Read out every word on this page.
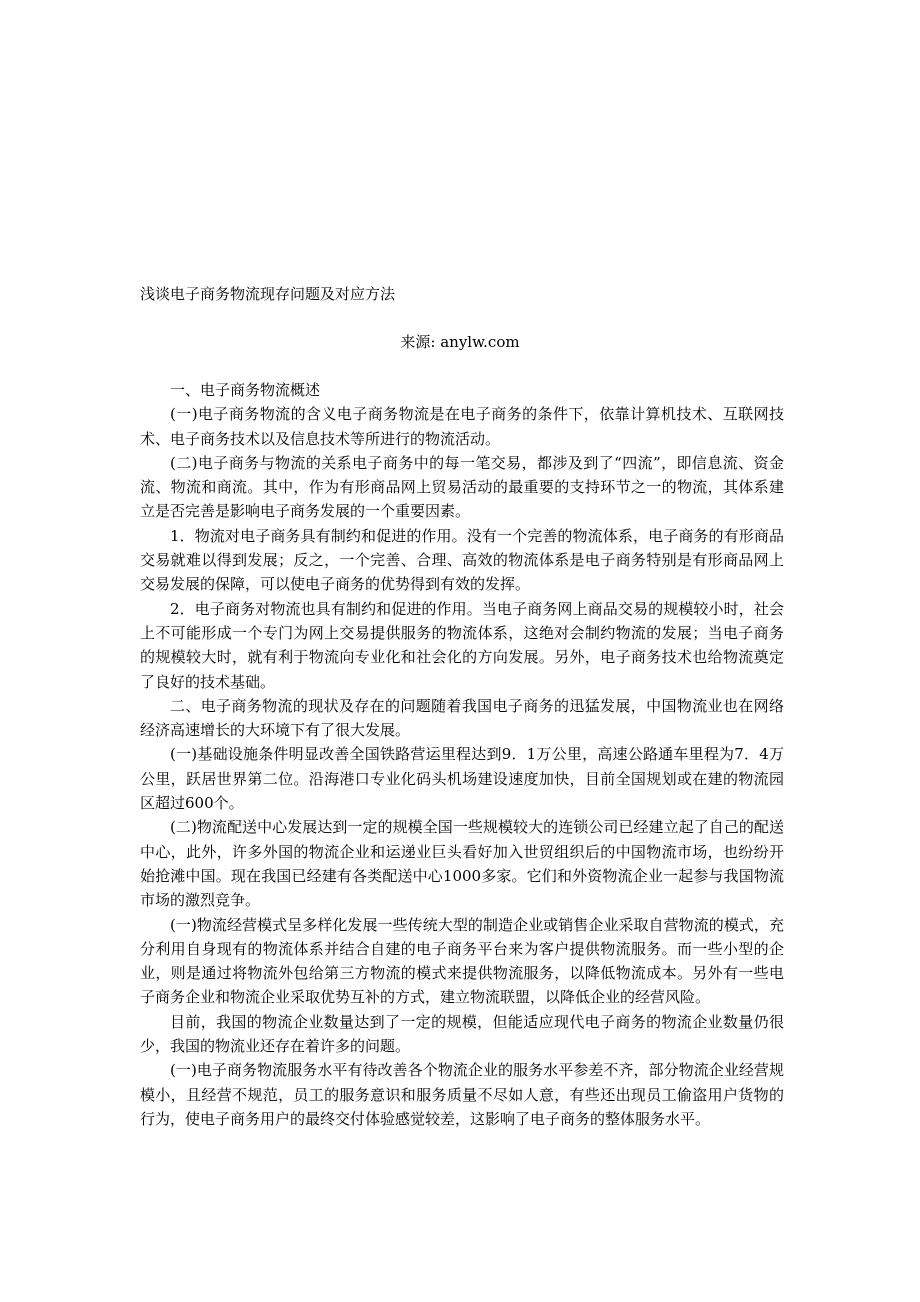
浅谈电子商务物流现存问题及对应方法
来源: anylw.com

一、电子商务物流概述

(一)电子商务物流的含义电子商务物流是在电子商务的条件下，依靠计算机技术、互联网技术、电子商务技术以及信息技术等所进行的物流活动。

(二)电子商务与物流的关系电子商务中的每一笔交易，都涉及到了“四流”，即信息流、资金流、物流和商流。其中，作为有形商品网上贸易活动的最重要的支持环节之一的物流，其体系建立是否完善是影响电子商务发展的一个重要因素。

1．物流对电子商务具有制约和促进的作用。没有一个完善的物流体系，电子商务的有形商品交易就难以得到发展；反之，一个完善、合理、高效的物流体系是电子商务特别是有形商品网上交易发展的保障，可以使电子商务的优势得到有效的发挥。

2．电子商务对物流也具有制约和促进的作用。当电子商务网上商品交易的规模较小时，社会上不可能形成一个专门为网上交易提供服务的物流体系，这绝对会制约物流的发展；当电子商务的规模较大时，就有利于物流向专业化和社会化的方向发展。另外，电子商务技术也给物流奠定了良好的技术基础。

二、电子商务物流的现状及存在的问题随着我国电子商务的迅猛发展，中国物流业也在网络经济高速增长的大环境下有了很大发展。

(一)基础设施条件明显改善全国铁路营运里程达到9．1万公里，高速公路通车里程为7．4万公里，跃居世界第二位。沿海港口专业化码头机场建设速度加快，目前全国规划或在建的物流园区超过600个。

(二)物流配送中心发展达到一定的规模全国一些规模较大的连锁公司已经建立起了自己的配送中心，此外，许多外国的物流企业和运递业巨头看好加入世贸组织后的中国物流市场，也纷纷开始抢滩中国。现在我国已经建有各类配送中心1000多家。它们和外资物流企业一起参与我国物流市场的激烈竞争。

(一)物流经营模式呈多样化发展一些传统大型的制造企业或销售企业采取自营物流的模式，充分利用自身现有的物流体系并结合自建的电子商务平台来为客户提供物流服务。而一些小型的企业，则是通过将物流外包给第三方物流的模式来提供物流服务，以降低物流成本。另外有一些电子商务企业和物流企业采取优势互补的方式，建立物流联盟，以降低企业的经营风险。

目前，我国的物流企业数量达到了一定的规模，但能适应现代电子商务的物流企业数量仍很少，我国的物流业还存在着许多的问题。

(一)电子商务物流服务水平有待改善各个物流企业的服务水平参差不齐，部分物流企业经营规模小，且经营不规范，员工的服务意识和服务质量不尽如人意，有些还出现员工偷盗用户货物的行为，使电子商务用户的最终交付体验感觉较差，这影响了电子商务的整体服务水平。
